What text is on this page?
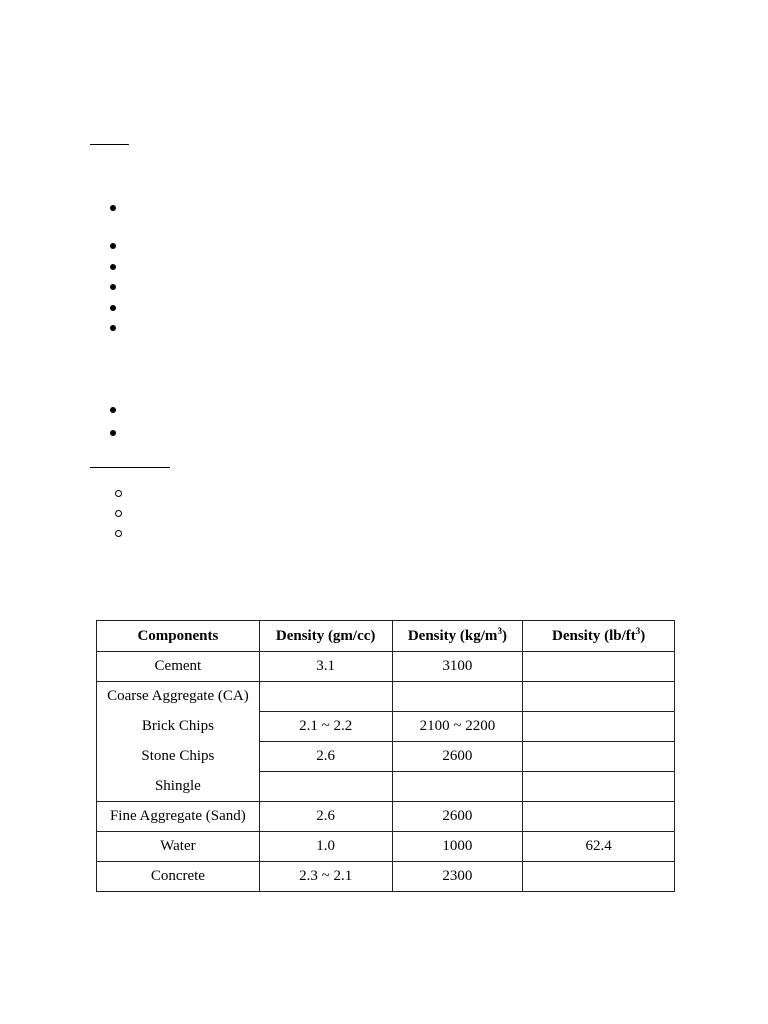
Components	Density (gm/cc)	Density $(kg/m^3)$	Density $(lb/ft^3)$
Cement	3.1	3100	
Coarse Aggregate (CA)			
Brick Chips	2.1 ~ 2.2	2100 ~ 2200	
Stone Chips	2.6	2600	
Shingle			
Fine Aggregate (Sand)	2.6	2600	
Water	1.0	1000	62.4
Concrete	2.3 ~ 2.1	2300	
